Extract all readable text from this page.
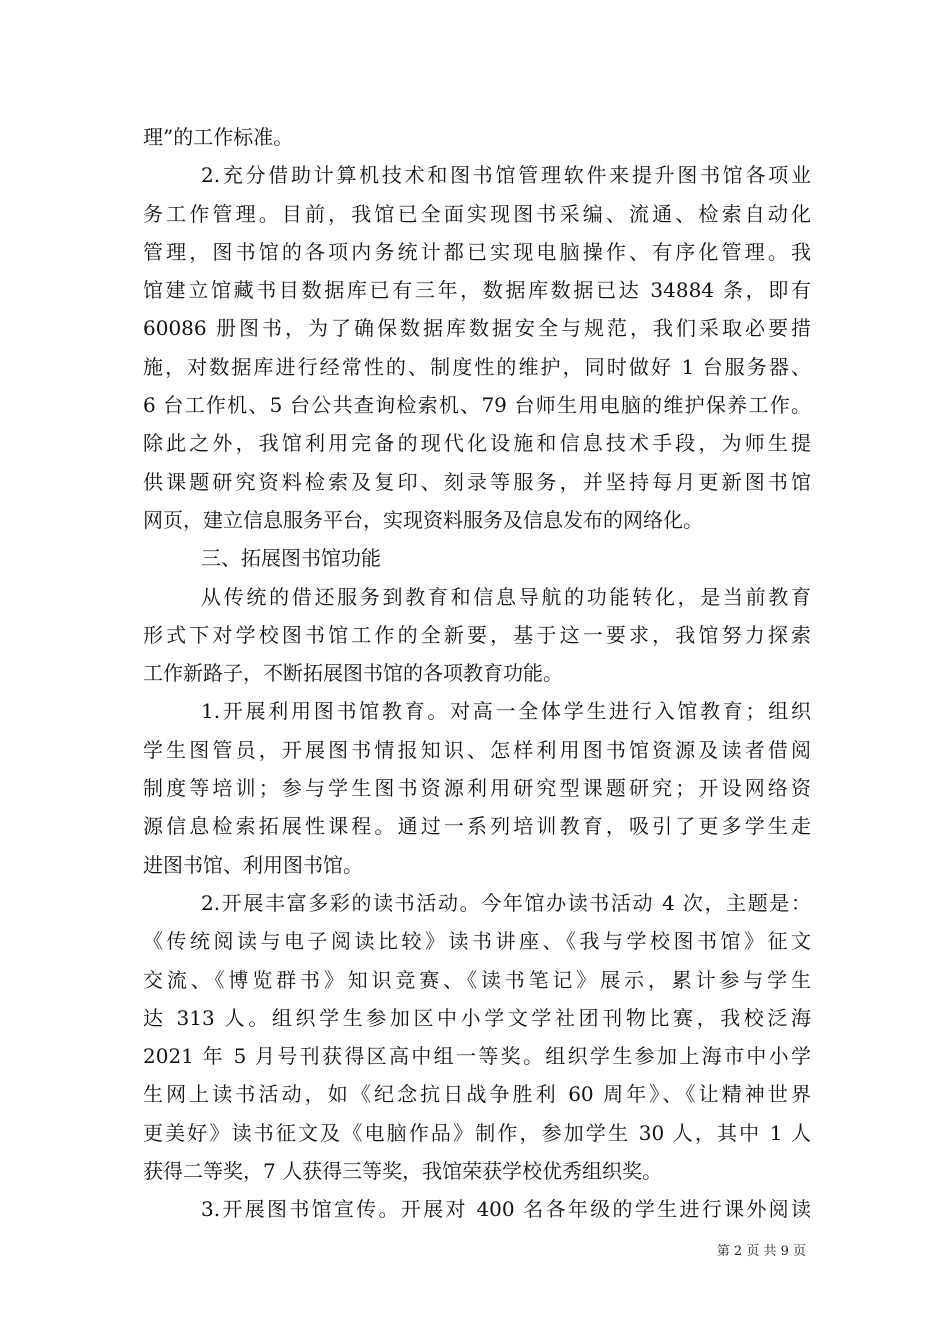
理”的工作标准。
2.充分借助计算机技术和图书馆管理软件来提升图书馆各项业
务工作管理。目前，我馆已全面实现图书采编、流通、检索自动化
管理，图书馆的各项内务统计都已实现电脑操作、有序化管理。我
馆建立馆藏书目数据库已有三年，数据库数据已达 34884 条，即有
60086 册图书，为了确保数据库数据安全与规范，我们采取必要措
施，对数据库进行经常性的、制度性的维护，同时做好 1 台服务器、
6 台工作机、5 台公共查询检索机、79 台师生用电脑的维护保养工作。
除此之外，我馆利用完备的现代化设施和信息技术手段，为师生提
供课题研究资料检索及复印、刻录等服务，并坚持每月更新图书馆
网页，建立信息服务平台，实现资料服务及信息发布的网络化。
三、拓展图书馆功能
从传统的借还服务到教育和信息导航的功能转化，是当前教育
形式下对学校图书馆工作的全新要，基于这一要求，我馆努力探索
工作新路子，不断拓展图书馆的各项教育功能。
1.开展利用图书馆教育。对高一全体学生进行入馆教育；组织
学生图管员，开展图书情报知识、怎样利用图书馆资源及读者借阅
制度等培训；参与学生图书资源利用研究型课题研究；开设网络资
源信息检索拓展性课程。通过一系列培训教育，吸引了更多学生走
进图书馆、利用图书馆。
2.开展丰富多彩的读书活动。今年馆办读书活动 4 次，主题是：
《传统阅读与电子阅读比较》读书讲座、《我与学校图书馆》征文
交流、《博览群书》知识竞赛、《读书笔记》展示，累计参与学生
达 313 人。组织学生参加区中小学文学社团刊物比赛，我校泛海
2021 年 5 月号刊获得区高中组一等奖。组织学生参加上海市中小学
生网上读书活动，如《纪念抗日战争胜利 60 周年》、《让精神世界
更美好》读书征文及《电脑作品》制作，参加学生 30 人，其中 1 人
获得二等奖，7 人获得三等奖，我馆荣获学校优秀组织奖。
3.开展图书馆宣传。开展对 400 名各年级的学生进行课外阅读
第 2 页 共 9 页
